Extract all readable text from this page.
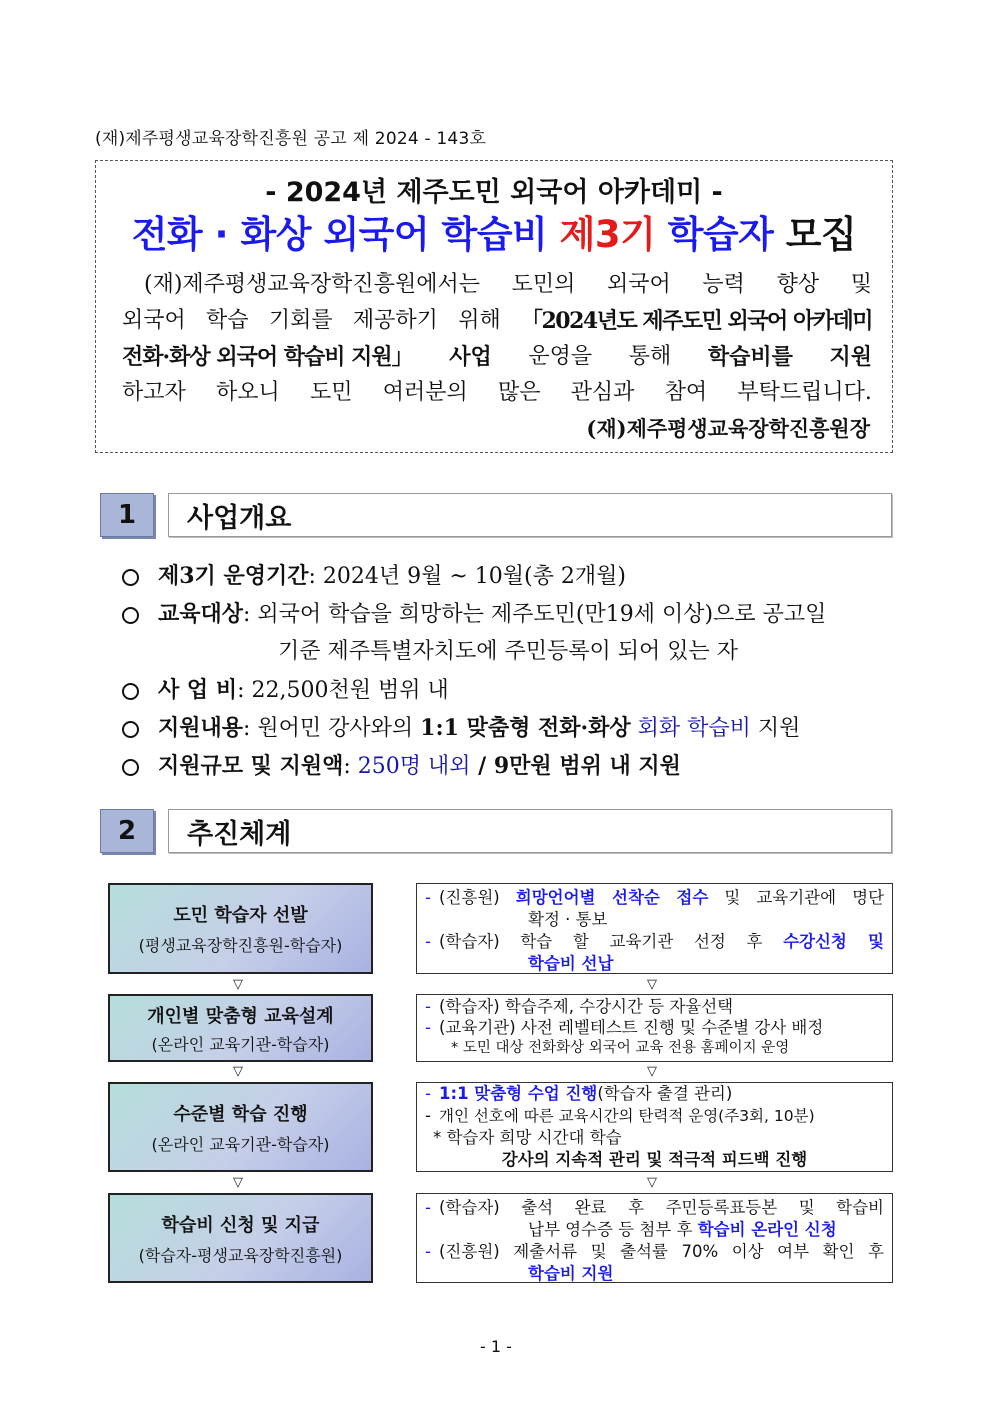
(재)제주평생교육장학진흥원 공고 제 2024 - 143호
- 2024년 제주도민 외국어 아카데미 -
전화 · 화상 외국어 학습비 제3기 학습자 모집
(재)제주평생교육장학진흥원에서는 도민의 외국어 능력 향상 및
외국어 학습 기회를 제공하기 위해 「2024년도 제주도민 외국어 아카데미
전화·화상 외국어 학습비 지원」 사업 운영을 통해 학습비를 지원
하고자 하오니 도민 여러분의 많은 관심과 참여 부탁드립니다.
(재)제주평생교육장학진흥원장
1	사업개요
제3기 운영기간: 2024년 9월 ~ 10월(총 2개월)
교육대상: 외국어 학습을 희망하는 제주도민(만19세 이상)으로 공고일
기준 제주특별자치도에 주민등록이 되어 있는 자
사 업 비: 22,500천원 범위 내
지원내용: 원어민 강사와의 1:1 맞춤형 전화·화상 회화 학습비 지원
지원규모 및 지원액: 250명 내외 / 9만원 범위 내 지원
2	추진체계
도민 학습자 선발
(평생교육장학진흥원-학습자)
- (진흥원) 희망언어별 선착순 접수 및 교육기관에 명단
확정 · 통보
- (학습자) 학습 할 교육기관 선정 후 수강신청 및
학습비 선납
▽	▽
개인별 맞춤형 교육설계
(온라인 교육기관-학습자)
- (학습자) 학습주제, 수강시간 등 자율선택
- (교육기관) 사전 레벨테스트 진행 및 수준별 강사 배정
* 도민 대상 전화화상 외국어 교육 전용 홈페이지 운영
▽	▽
수준별 학습 진행
(온라인 교육기관-학습자)
- 1:1 맞춤형 수업 진행(학습자 출결 관리)
- 개인 선호에 따른 교육시간의 탄력적 운영(주3회, 10분)
* 학습자 희망 시간대 학습
강사의 지속적 관리 및 적극적 피드백 진행
▽	▽
학습비 신청 및 지급
(학습자-평생교육장학진흥원)
- (학습자) 출석 완료 후 주민등록표등본 및 학습비
납부 영수증 등 첨부 후 학습비 온라인 신청
- (진흥원) 제출서류 및 출석률 70% 이상 여부 확인 후
학습비 지원
- 1 -
